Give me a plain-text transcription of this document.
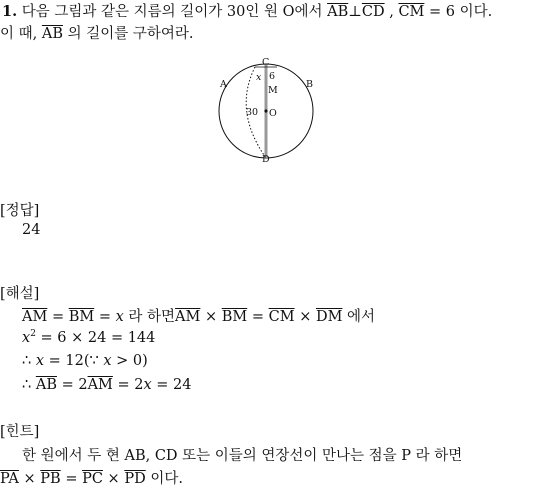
1. 다음 그림과 같은 지름의 길이가 30인 원 O에서 $\overline{AB}\perp\overline{CD}$ , $\overline{CM} = 6$ 이다.
이 때, $\overline{AB}$ 의 길이를 구하여라.
A	B
C
D
O
M
6
x
30
[정답]
24
[해설]
$\overline{AM} = \overline{BM} = x$ 라 하면$\overline{AM} \times \overline{BM} = \overline{CM} \times \overline{DM}$ 에서
$x^2 = 6 \times 24 = 144$
∴ x = 12(∵ x > 0)
∴ $\overline{AB} = 2\overline{AM} = 2x = 24$
[힌트]
한 원에서 두 현 AB, CD 또는 이들의 연장선이 만나는 점을 P 라 하면
$\overline{PA} \times \overline{PB} = \overline{PC} \times \overline{PD}$ 이다.
